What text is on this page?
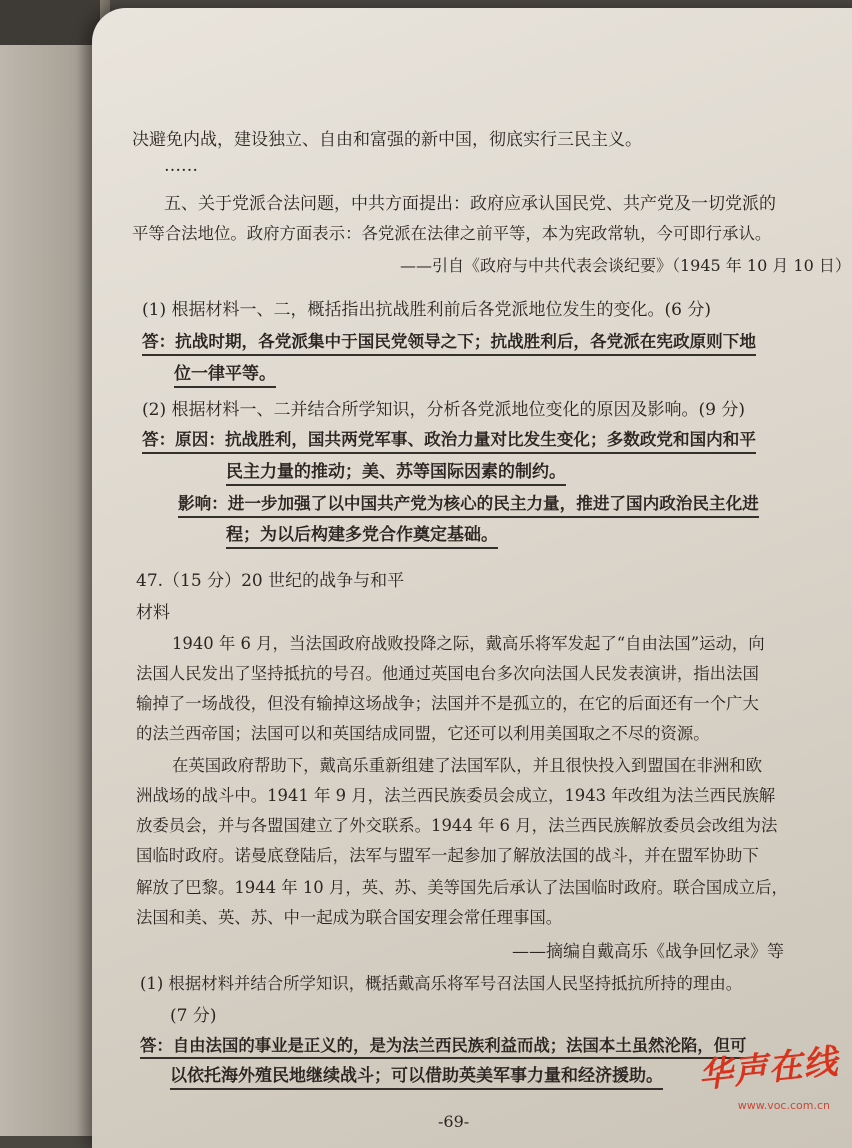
决避免内战，建设独立、自由和富强的新中国，彻底实行三民主义。
……
五、关于党派合法问题，中共方面提出：政府应承认国民党、共产党及一切党派的
平等合法地位。政府方面表示：各党派在法律之前平等，本为宪政常轨，今可即行承认。
——引自《政府与中共代表会谈纪要》（1945 年 10 月 10 日）
(1) 根据材料一、二，概括指出抗战胜利前后各党派地位发生的变化。(6 分)
答：抗战时期，各党派集中于国民党领导之下；抗战胜利后，各党派在宪政原则下地
位一律平等。
(2) 根据材料一、二并结合所学知识，分析各党派地位变化的原因及影响。(9 分)
答：原因：抗战胜利，国共两党军事、政治力量对比发生变化；多数政党和国内和平
民主力量的推动；美、苏等国际因素的制约。
影响：进一步加强了以中国共产党为核心的民主力量，推进了国内政治民主化进
程；为以后构建多党合作奠定基础。
47.（15 分）20 世纪的战争与和平
材料
1940 年 6 月，当法国政府战败投降之际，戴高乐将军发起了“自由法国”运动，向
法国人民发出了坚持抵抗的号召。他通过英国电台多次向法国人民发表演讲，指出法国
输掉了一场战役，但没有输掉这场战争；法国并不是孤立的，在它的后面还有一个广大
的法兰西帝国；法国可以和英国结成同盟，它还可以利用美国取之不尽的资源。
在英国政府帮助下，戴高乐重新组建了法国军队，并且很快投入到盟国在非洲和欧
洲战场的战斗中。1941 年 9 月，法兰西民族委员会成立，1943 年改组为法兰西民族解
放委员会，并与各盟国建立了外交联系。1944 年 6 月，法兰西民族解放委员会改组为法
国临时政府。诺曼底登陆后，法军与盟军一起参加了解放法国的战斗，并在盟军协助下
解放了巴黎。1944 年 10 月，英、苏、美等国先后承认了法国临时政府。联合国成立后，
法国和美、英、苏、中一起成为联合国安理会常任理事国。
——摘编自戴高乐《战争回忆录》等
(1) 根据材料并结合所学知识，概括戴高乐将军号召法国人民坚持抵抗所持的理由。
(7 分)
答：自由法国的事业是正义的，是为法兰西民族利益而战；法国本土虽然沦陷，但可
以依托海外殖民地继续战斗；可以借助英美军事力量和经济援助。
-69-
华声在线
www.voc.com.cn
